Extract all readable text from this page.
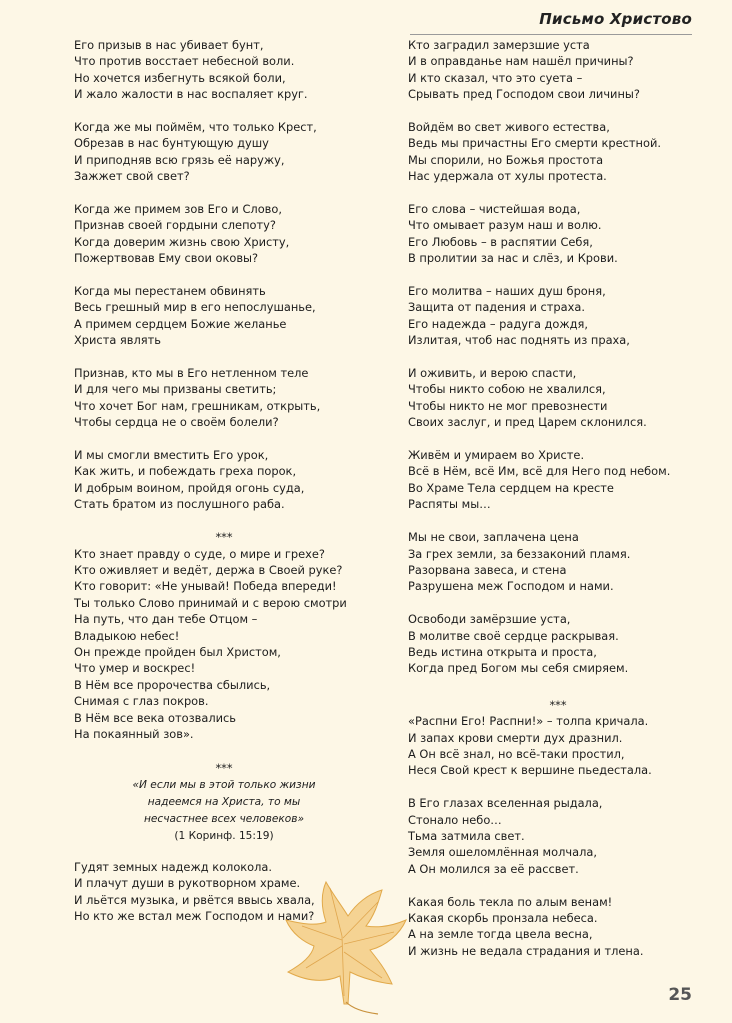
Письмо Христово
Его призыв в нас убивает бунт,
Что против восстает небесной воли.
Но хочется избегнуть всякой боли,
И жало жалости в нас воспаляет круг.
Когда же мы поймём, что только Крест,
Обрезав в нас бунтующую душу
И приподняв всю грязь её наружу,
Зажжет свой свет?
Когда же примем зов Его и Слово,
Признав своей гордыни слепоту?
Когда доверим жизнь свою Христу,
Пожертвовав Ему свои оковы?
Когда мы перестанем обвинять
Весь грешный мир в его непослушанье,
А примем сердцем Божие желанье
Христа являть
Признав, кто мы в Его нетленном теле
И для чего мы призваны светить;
Что хочет Бог нам, грешникам, открыть,
Чтобы сердца не о своём болели?
И мы смогли вместить Его урок,
Как жить, и побеждать греха порок,
И добрым воином, пройдя огонь суда,
Стать братом из послушного раба.
***
Кто знает правду о суде, о мире и грехе?
Кто оживляет и ведёт, держа в Своей руке?
Кто говорит: «Не унывай! Победа впереди!
Ты только Слово принимай и с верою смотри
На путь, что дан тебе Отцом –
Владыкою небес!
Он прежде пройден был Христом,
Что умер и воскрес!
В Нём все пророчества сбылись,
Снимая с глаз покров.
В Нём все века отозвались
На покаянный зов».
***
«И если мы в этой только жизни
надеемся на Христа, то мы
несчастнее всех человеков»
(1 Коринф. 15:19)
Гудят земных надежд колокола.
И плачут души в рукотворном храме.
И льётся музыка, и рвётся ввысь хвала,
Но кто же встал меж Господом и нами?
Кто заградил замерзшие уста
И в оправданье нам нашёл причины?
И кто сказал, что это суета –
Срывать пред Господом свои личины?
Войдём во свет живого естества,
Ведь мы причастны Его смерти крестной.
Мы спорили, но Божья простота
Нас удержала от хулы протеста.
Его слова – чистейшая вода,
Что омывает разум наш и волю.
Его Любовь – в распятии Себя,
В пролитии за нас и слёз, и Крови.
Его молитва – наших душ броня,
Защита от падения и страха.
Его надежда – радуга дождя,
Излитая, чтоб нас поднять из праха,
И оживить, и верою спасти,
Чтобы никто собою не хвалился,
Чтобы никто не мог превознести
Своих заслуг, и пред Царем склонился.
Живём и умираем во Христе.
Всё в Нём, всё Им, всё для Него под небом.
Во Храме Тела сердцем на кресте
Распяты мы…
Мы не свои, заплачена цена
За грех земли, за беззаконий пламя.
Разорвана завеса, и стена
Разрушена меж Господом и нами.
Освободи замёрзшие уста,
В молитве своё сердце раскрывая.
Ведь истина открыта и проста,
Когда пред Богом мы себя смиряем.
***
«Распни Его! Распни!» – толпа кричала.
И запах крови смерти дух дразнил.
А Он всё знал, но всё-таки простил,
Неся Свой крест к вершине пьедестала.
В Его глазах вселенная рыдала,
Стонало небо…
Тьма затмила свет.
Земля ошеломлённая молчала,
А Он молился за её рассвет.
Какая боль текла по алым венам!
Какая скорбь пронзала небеса.
А на земле тогда цвела весна,
И жизнь не ведала страдания и тлена.
25
